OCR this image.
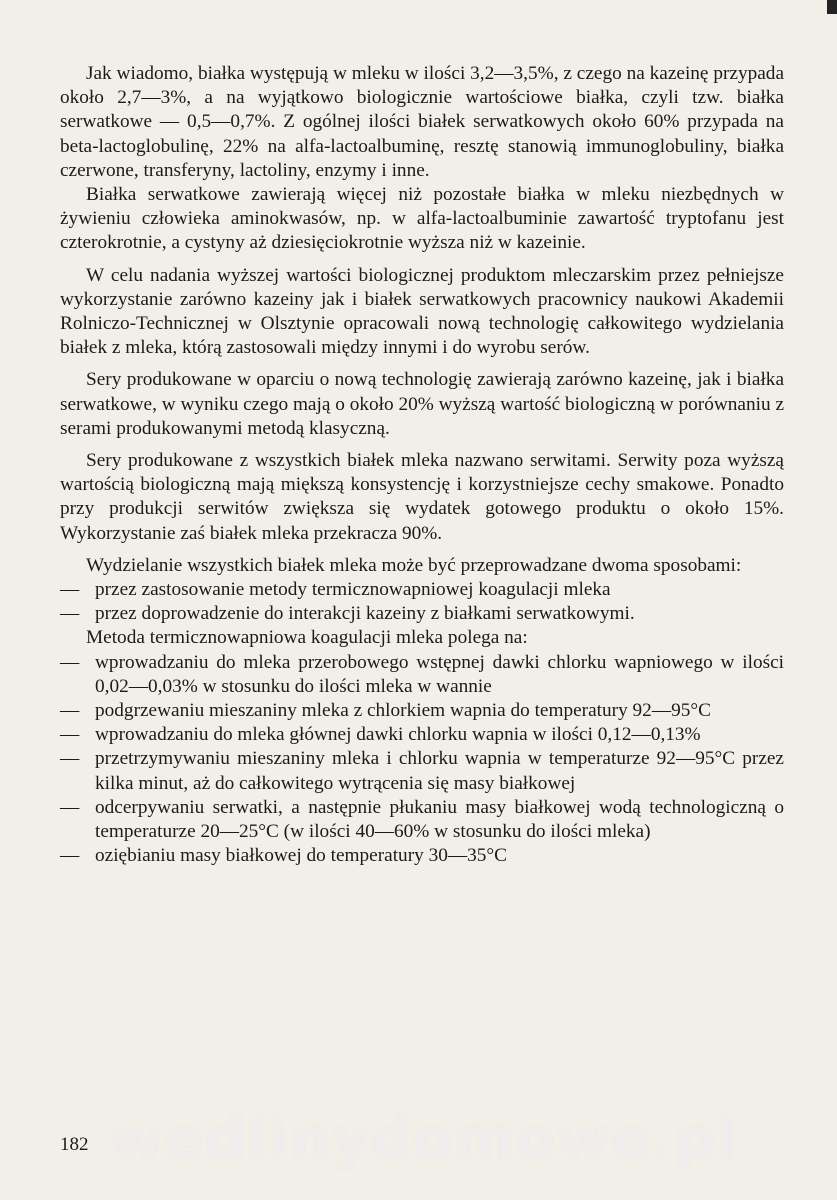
Jak wiadomo, białka występują w mleku w ilości 3,2—3,5%, z czego na kazeinę przypada około 2,7—3%, a na wyjątkowo biologicznie wartościowe białka, czyli tzw. białka serwatkowe — 0,5—0,7%. Z ogólnej ilości białek serwatkowych około 60% przypada na beta-lactoglobulinę, 22% na alfa-lactoalbuminę, resztę stanowią immunoglobuliny, białka czerwone, transferyny, lactoliny, enzymy i inne.

Białka serwatkowe zawierają więcej niż pozostałe białka w mleku niezbędnych w żywieniu człowieka aminokwasów, np. w alfa-lactoalbuminie zawartość tryptofanu jest czterokrotnie, a cystyny aż dziesięciokrotnie wyższa niż w kazeinie.

W celu nadania wyższej wartości biologicznej produktom mleczarskim przez pełniejsze wykorzystanie zarówno kazeiny jak i białek serwatkowych pracownicy naukowi Akademii Rolniczo-Technicznej w Olsztynie opracowali nową technologię całkowitego wydzielania białek z mleka, którą zastosowali między innymi i do wyrobu serów.

Sery produkowane w oparciu o nową technologię zawierają zarówno kazeinę, jak i białka serwatkowe, w wyniku czego mają o około 20% wyższą wartość biologiczną w porównaniu z serami produkowanymi metodą klasyczną.

Sery produkowane z wszystkich białek mleka nazwano serwitami. Serwity poza wyższą wartością biologiczną mają miększą konsystencję i korzystniejsze cechy smakowe. Ponadto przy produkcji serwitów zwiększa się wydatek gotowego produktu o około 15%. Wykorzystanie zaś białek mleka przekracza 90%.

Wydzielanie wszystkich białek mleka może być przeprowadzane dwoma sposobami:

— przez zastosowanie metody termicznowapniowej koagulacji mleka
— przez doprowadzenie do interakcji kazeiny z białkami serwatkowymi.

Metoda termicznowapniowa koagulacji mleka polega na:

— wprowadzaniu do mleka przerobowego wstępnej dawki chlorku wapniowego w ilości 0,02—0,03% w stosunku do ilości mleka w wannie
— podgrzewaniu mieszaniny mleka z chlorkiem wapnia do temperatury 92—95°C
— wprowadzaniu do mleka głównej dawki chlorku wapnia w ilości 0,12—0,13%
— przetrzymywaniu mieszaniny mleka i chlorku wapnia w temperaturze 92—95°C przez kilka minut, aż do całkowitego wytrącenia się masy białkowej
— odcerpywaniu serwatki, a następnie płukaniu masy białkowej wodą technologiczną o temperaturze 20—25°C (w ilości 40—60% w stosunku do ilości mleka)
— oziębianiu masy białkowej do temperatury 30—35°C
wedlinydomowe.pl
182
